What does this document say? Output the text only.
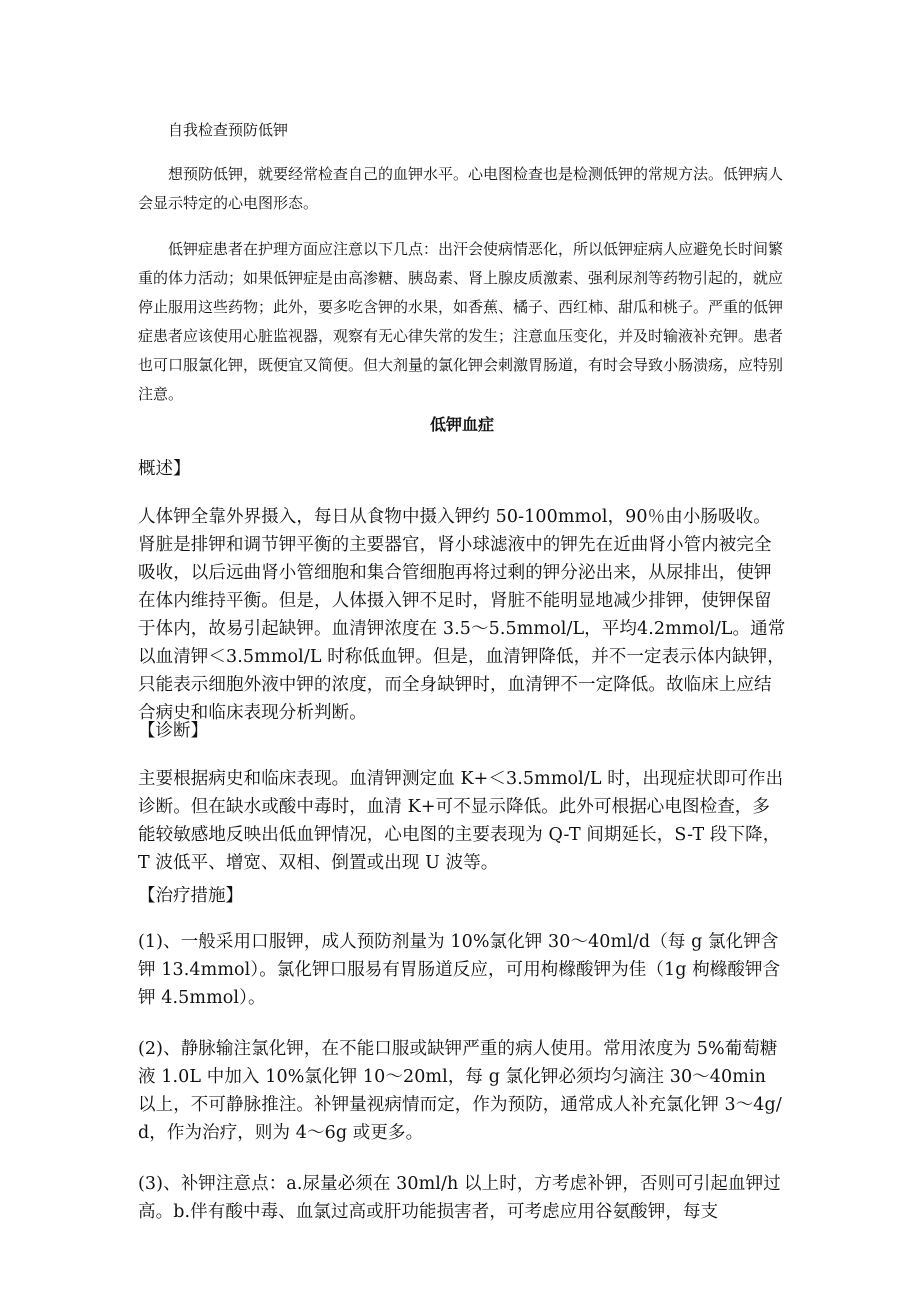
自我检查预防低钾

想预防低钾，就要经常检查自己的血钾水平。心电图检查也是检测低钾的常规方法。低钾病人会显示特定的心电图形态。

低钾症患者在护理方面应注意以下几点：出汗会使病情恶化，所以低钾症病人应避免长时间繁重的体力活动；如果低钾症是由高渗糖、胰岛素、肾上腺皮质激素、强利尿剂等药物引起的，就应停止服用这些药物；此外，要多吃含钾的水果，如香蕉、橘子、西红柿、甜瓜和桃子。严重的低钾症患者应该使用心脏监视器，观察有无心律失常的发生；注意血压变化，并及时输液补充钾。患者也可口服氯化钾，既便宜又简便。但大剂量的氯化钾会刺激胃肠道，有时会导致小肠溃疡，应特别注意。

低钾血症

概述】

人体钾全靠外界摄入，每日从食物中摄入钾约 50-100mmol，90％由小肠吸收。肾脏是排钾和调节钾平衡的主要器官，肾小球滤液中的钾先在近曲肾小管内被完全吸收，以后远曲肾小管细胞和集合管细胞再将过剩的钾分泌出来，从尿排出，使钾在体内维持平衡。但是，人体摄入钾不足时，肾脏不能明显地减少排钾，使钾保留于体内，故易引起缺钾。血清钾浓度在 3.5～5.5mmol/L，平均4.2mmol/L。通常以血清钾＜3.5mmol/L 时称低血钾。但是，血清钾降低，并不一定表示体内缺钾，只能表示细胞外液中钾的浓度，而全身缺钾时，血清钾不一定降低。故临床上应结合病史和临床表现分析判断。

【诊断】

主要根据病史和临床表现。血清钾测定血 K+＜3.5mmol/L 时，出现症状即可作出诊断。但在缺水或酸中毒时，血清 K+可不显示降低。此外可根据心电图检查，多能较敏感地反映出低血钾情况，心电图的主要表现为 Q-T 间期延长，S-T 段下降，T 波低平、增宽、双相、倒置或出现 U 波等。

【治疗措施】

(1)、一般采用口服钾，成人预防剂量为 10%氯化钾 30～40ml/d（每 g 氯化钾含钾 13.4mmol）。氯化钾口服易有胃肠道反应，可用枸橼酸钾为佳（1g 枸橼酸钾含钾 4.5mmol）。

(2)、静脉输注氯化钾，在不能口服或缺钾严重的病人使用。常用浓度为 5%葡萄糖液 1.0L 中加入 10%氯化钾 10～20ml，每 g 氯化钾必须均匀滴注 30～40min 以上，不可静脉推注。补钾量视病情而定，作为预防，通常成人补充氯化钾 3～4g/d，作为治疗，则为 4～6g 或更多。

(3)、补钾注意点：a.尿量必须在 30ml/h 以上时，方考虑补钾，否则可引起血钾过高。b.伴有酸中毒、血氯过高或肝功能损害者，可考虑应用谷氨酸钾，每支
